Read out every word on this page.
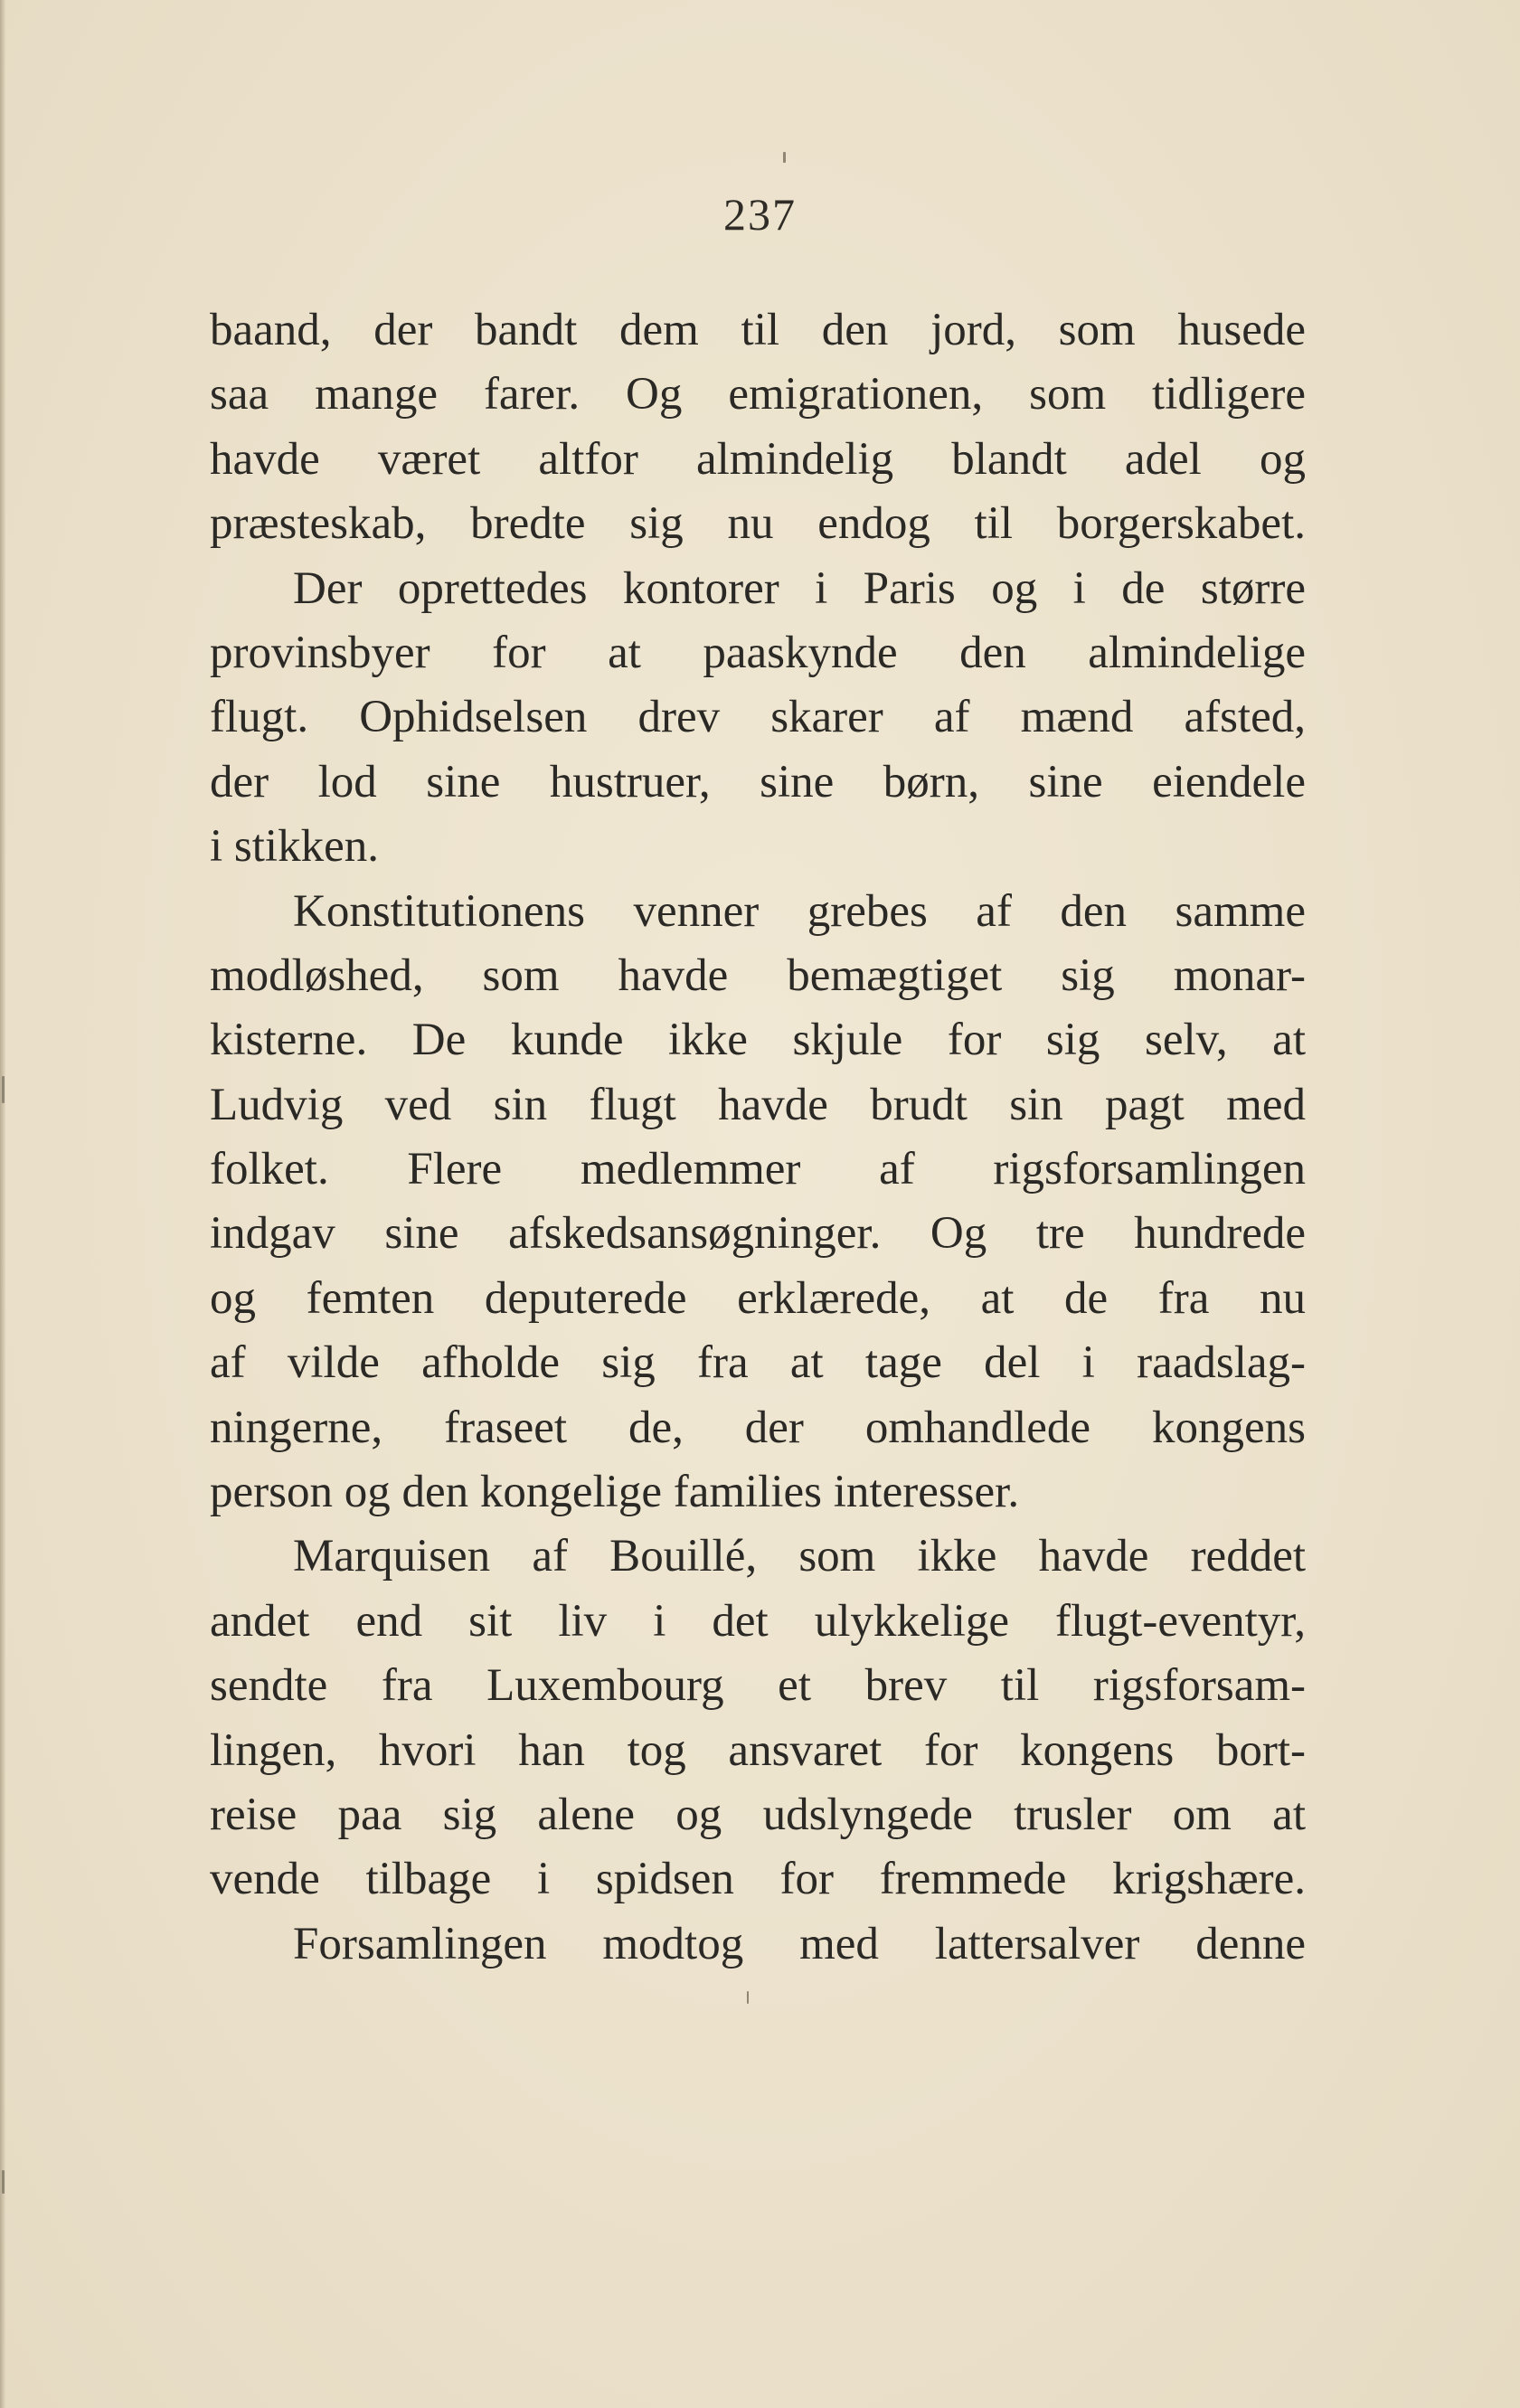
237
baand, der bandt dem til den jord, som husede
saa mange farer. Og emigrationen, som tidligere
havde været altfor almindelig blandt adel og
præsteskab, bredte sig nu endog til borgerskabet.
Der oprettedes kontorer i Paris og i de større
provinsbyer for at paaskynde den almindelige
flugt. Ophidselsen drev skarer af mænd afsted,
der lod sine hustruer, sine børn, sine eiendele
i stikken.
Konstitutionens venner grebes af den samme
modløshed, som havde bemægtiget sig monar-
kisterne. De kunde ikke skjule for sig selv, at
Ludvig ved sin flugt havde brudt sin pagt med
folket. Flere medlemmer af rigsforsamlingen
indgav sine afskedsansøgninger. Og tre hundrede
og femten deputerede erklærede, at de fra nu
af vilde afholde sig fra at tage del i raadslag-
ningerne, fraseet de, der omhandlede kongens
person og den kongelige families interesser.
Marquisen af Bouillé, som ikke havde reddet
andet end sit liv i det ulykkelige flugt-eventyr,
sendte fra Luxembourg et brev til rigsforsam-
lingen, hvori han tog ansvaret for kongens bort-
reise paa sig alene og udslyngede trusler om at
vende tilbage i spidsen for fremmede krigshære.
Forsamlingen modtog med lattersalver denne
